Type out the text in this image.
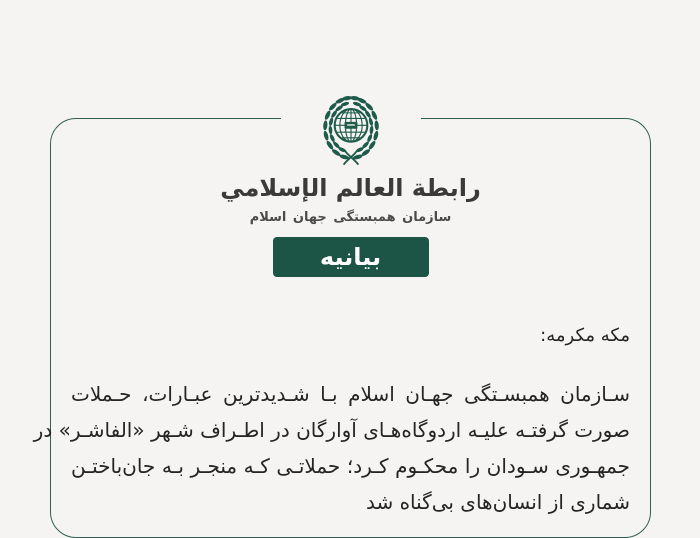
رابطة العالم الإسلامي
سازمان همبستگی جهان اسلام
بیانیه
مکه مکرمه:
سـازمان همبسـتگی جهـان اسلام بـا شـدیدترین عبـارات، حـملات
صورت گرفتـه علیـه اردوگاه‌هـای آوارگان در اطـراف شـهر «الفاشـر» در
جمهـوری سـودان را محکـوم کـرد؛ حملاتـی کـه منجـر بـه جان‌باختـن
شماری از انسان‌های بی‌گناه شد
